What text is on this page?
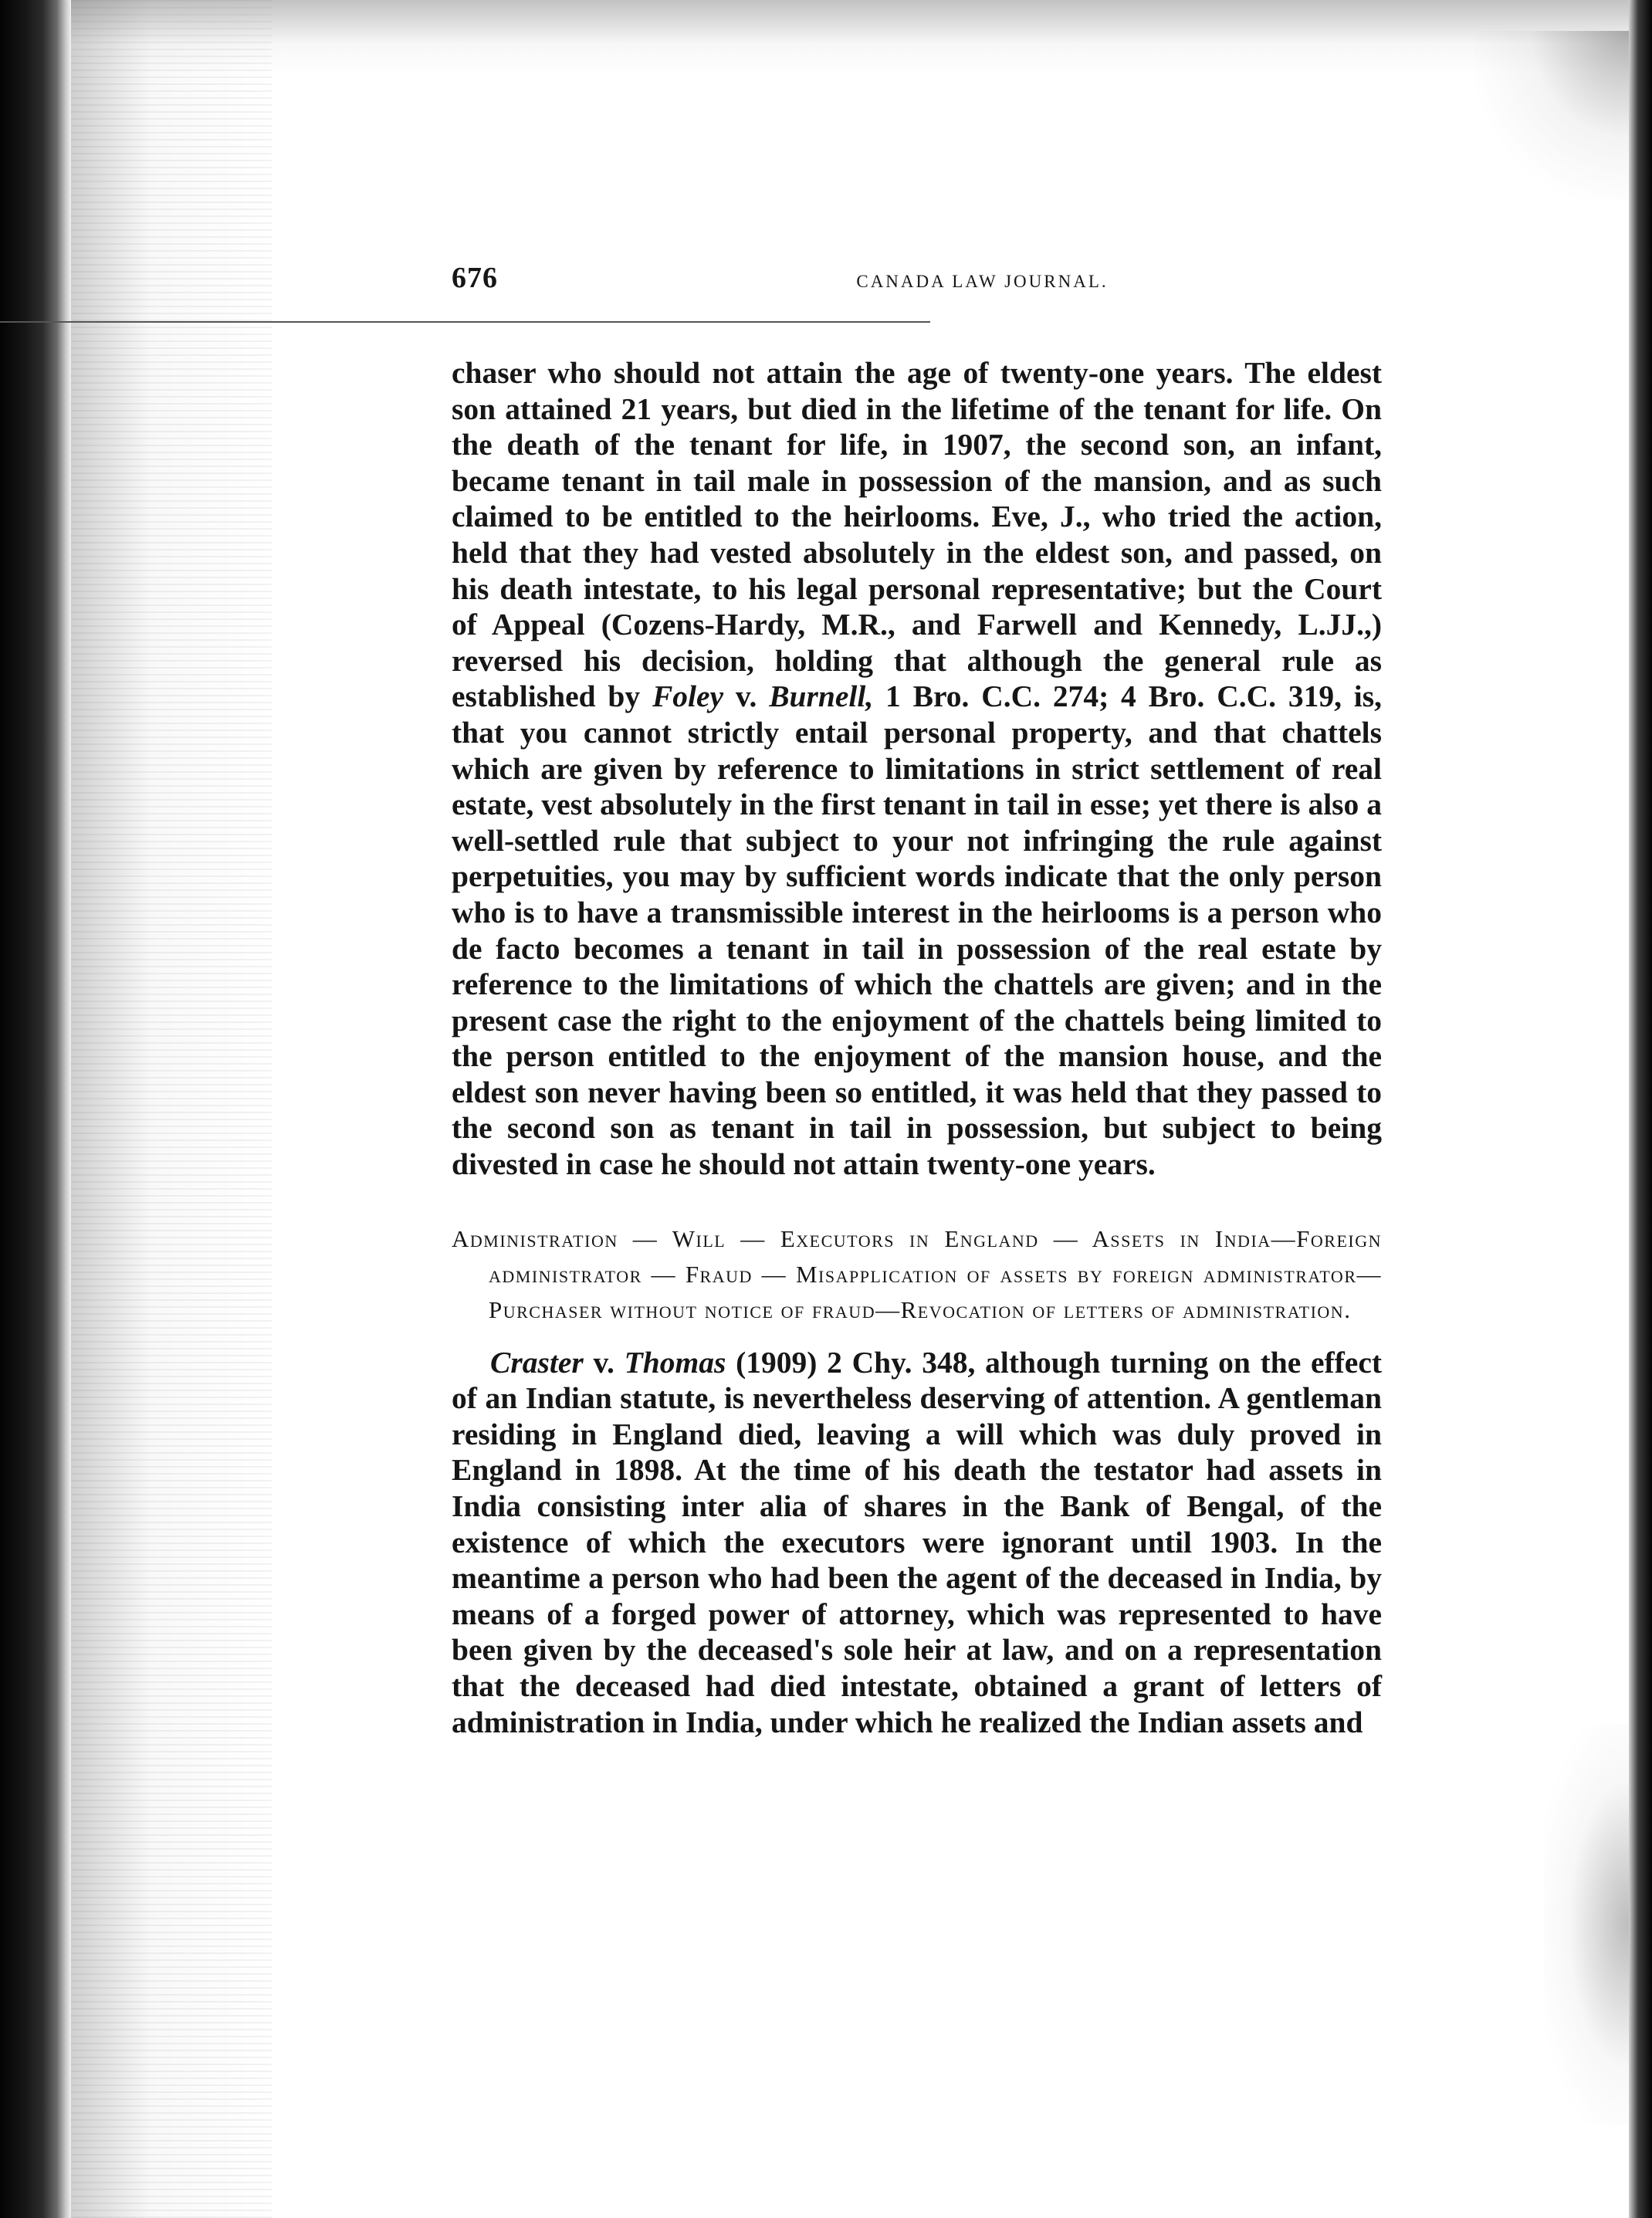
676	CANADA LAW JOURNAL.

chaser who should not attain the age of twenty-one years. The eldest son attained 21 years, but died in the lifetime of the tenant for life. On the death of the tenant for life, in 1907, the second son, an infant, became tenant in tail male in possession of the mansion, and as such claimed to be entitled to the heirlooms. Eve, J., who tried the action, held that they had vested absolutely in the eldest son, and passed, on his death intestate, to his legal personal representative; but the Court of Appeal (Cozens-Hardy, M.R., and Farwell and Kennedy, L.JJ.,) reversed his decision, holding that although the general rule as established by Foley v. Burnell, 1 Bro. C.C. 274; 4 Bro. C.C. 319, is, that you cannot strictly entail personal property, and that chattels which are given by reference to limitations in strict settlement of real estate, vest absolutely in the first tenant in tail in esse; yet there is also a well-settled rule that subject to your not infringing the rule against perpetuities, you may by sufficient words indicate that the only person who is to have a transmissible interest in the heirlooms is a person who de facto becomes a tenant in tail in possession of the real estate by reference to the limitations of which the chattels are given; and in the present case the right to the enjoyment of the chattels being limited to the person entitled to the enjoyment of the mansion house, and the eldest son never having been so entitled, it was held that they passed to the second son as tenant in tail in possession, but subject to being divested in case he should not attain twenty-one years.

Administration — Will — Executors in England — Assets in India—Foreign administrator — Fraud — Misapplication of assets by foreign administrator—Purchaser without notice of fraud—Revocation of letters of administration.

Craster v. Thomas (1909) 2 Chy. 348, although turning on the effect of an Indian statute, is nevertheless deserving of attention. A gentleman residing in England died, leaving a will which was duly proved in England in 1898. At the time of his death the testator had assets in India consisting inter alia of shares in the Bank of Bengal, of the existence of which the executors were ignorant until 1903. In the meantime a person who had been the agent of the deceased in India, by means of a forged power of attorney, which was represented to have been given by the deceased's sole heir at law, and on a representation that the deceased had died intestate, obtained a grant of letters of administration in India, under which he realized the Indian assets and
